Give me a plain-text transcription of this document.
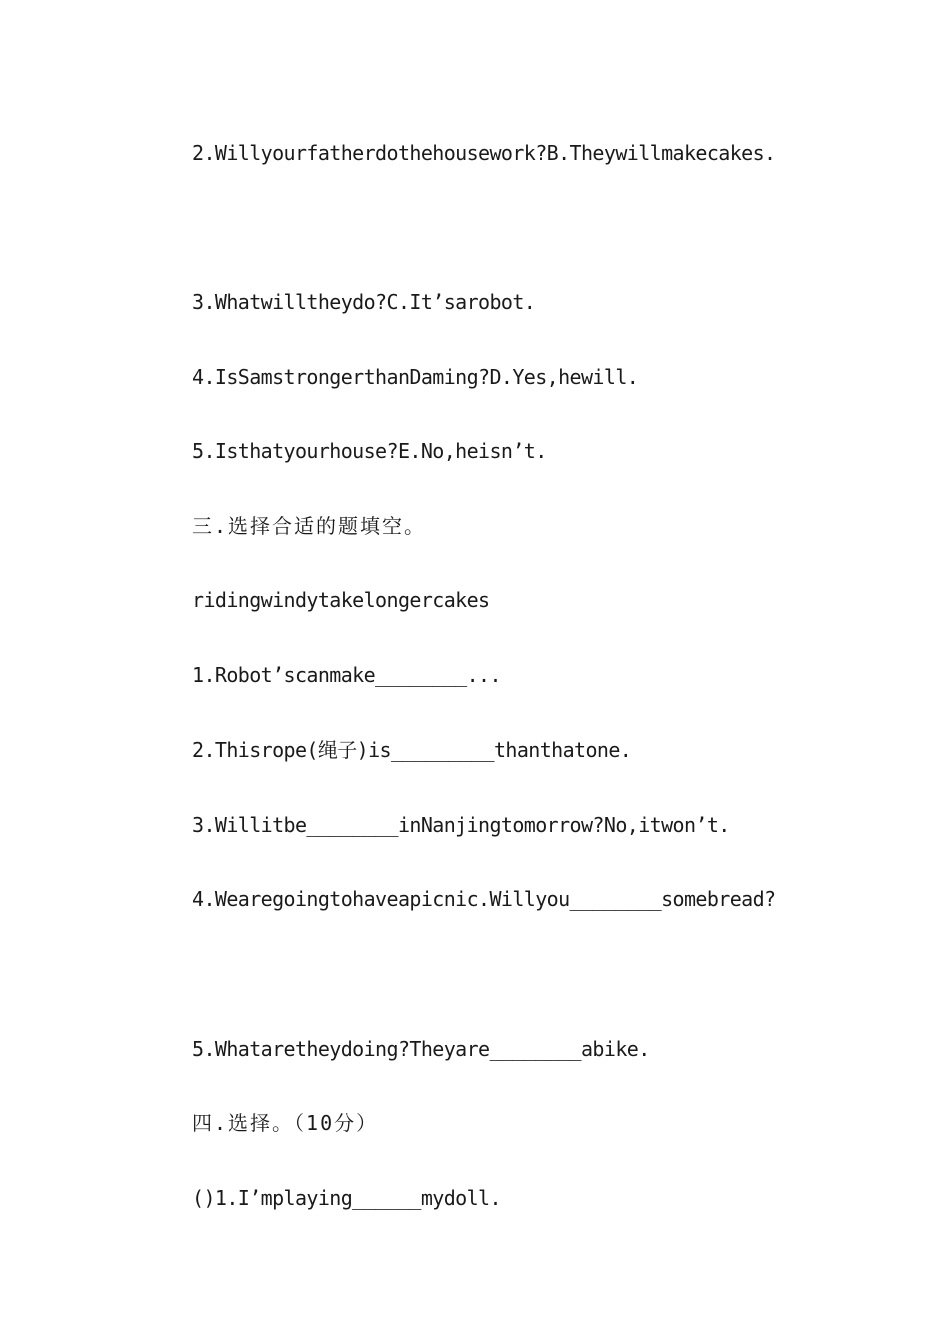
2.Willyourfatherdothehousework?B.Theywillmakecakes.
3.Whatwilltheydo?C.It’sarobot.
4.IsSamstrongerthanDaming?D.Yes,hewill.
5.Isthatyourhouse?E.No,heisn’t.
三.选择合适的题填空。
ridingwindytakelongercakes
1.Robot’scanmake________...
2.Thisrope(绳子)is_________thanthatone.
3.Willitbe________inNanjingtomorrow?No,itwon’t.
4.Wearegoingtohaveapicnic.Willyou________somebread?
5.Whataretheydoing?Theyare________abike.
四.选择。（10分）
()1.I’mplaying______mydoll.
